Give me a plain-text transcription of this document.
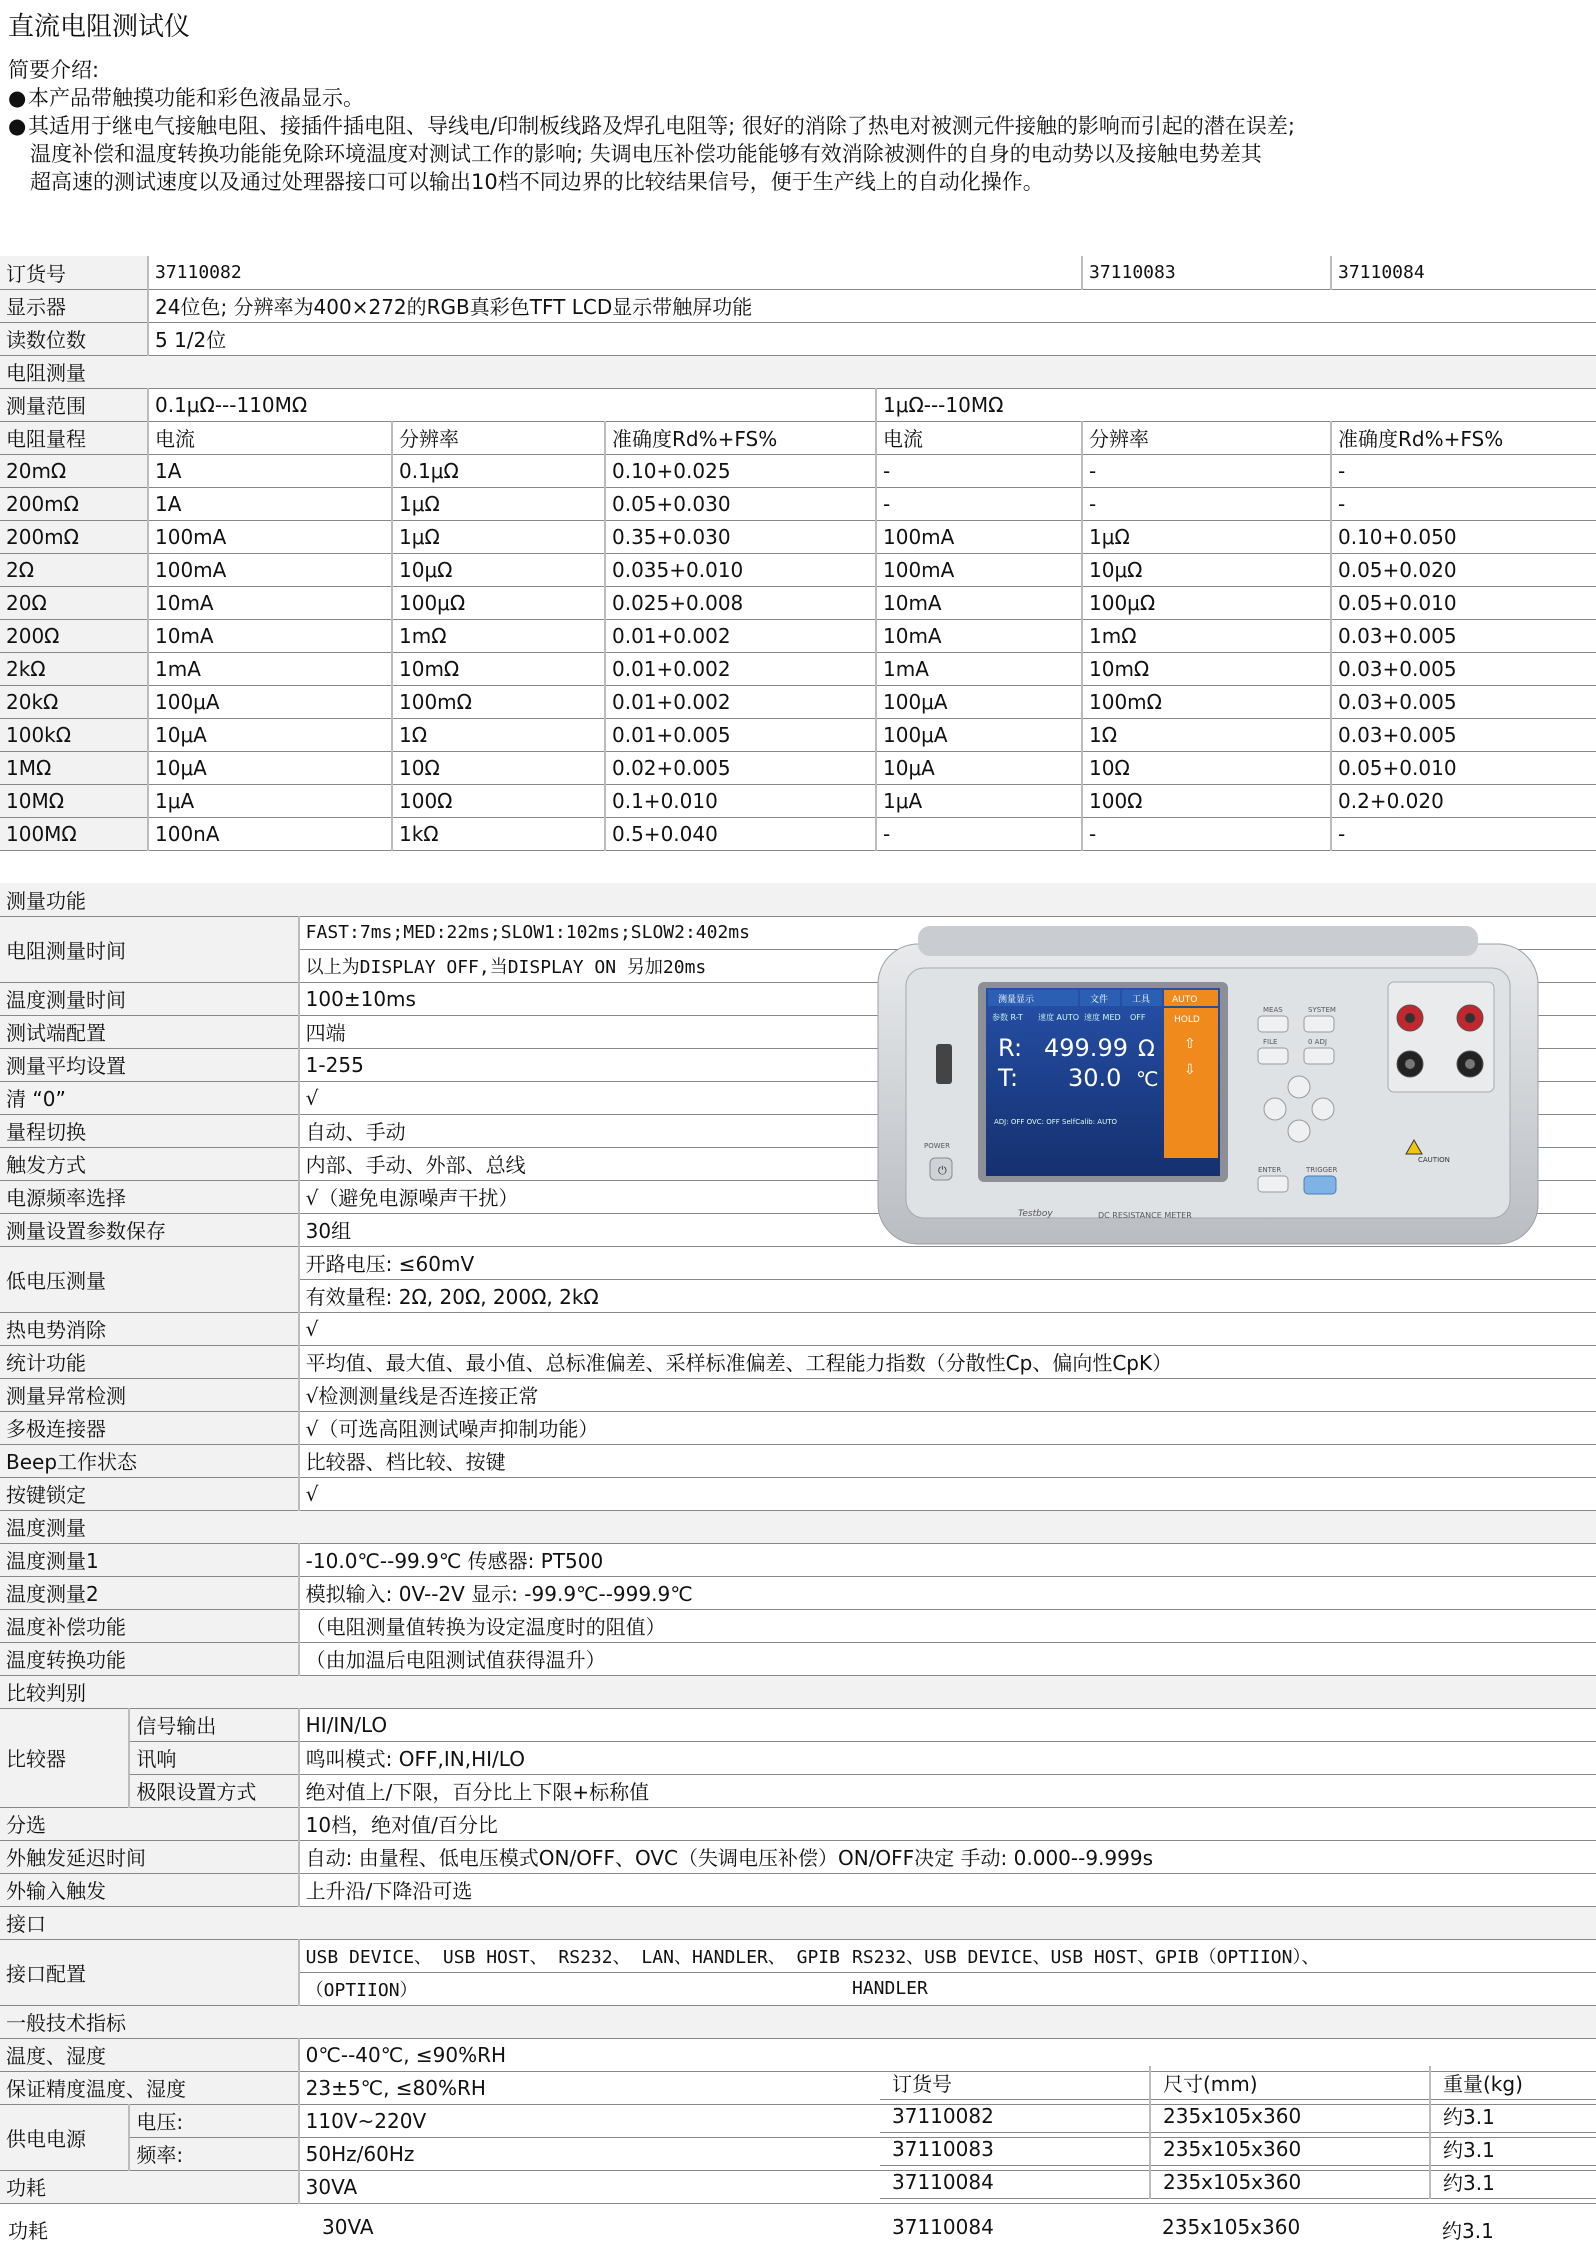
直流电阻测试仪
简要介绍:
●本产品带触摸功能和彩色液晶显示。
●其适用于继电气接触电阻、接插件插电阻、导线电/印制板线路及焊孔电阻等; 很好的消除了热电对被测元件接触的影响而引起的潜在误差;
温度补偿和温度转换功能能免除环境温度对测试工作的影响; 失调电压补偿功能能够有效消除被测件的自身的电动势以及接触电势差其
超高速的测试速度以及通过处理器接口可以输出10档不同边界的比较结果信号，便于生产线上的自动化操作。
订货号	37110082				37110083	37110084
显示器	24位色; 分辨率为400×272的RGB真彩色TFT LCD显示带触屏功能					
读数位数	5 1/2位					
电阻测量						
测量范围	0.1μΩ---110MΩ			1μΩ---10MΩ		
电阻量程	电流	分辨率	准确度Rd%+FS%	电流	分辨率	准确度Rd%+FS%
20mΩ	1A	0.1μΩ	0.10+0.025	-	-	-
200mΩ	1A	1μΩ	0.05+0.030	-	-	-
200mΩ	100mA	1μΩ	0.35+0.030	100mA	1μΩ	0.10+0.050
2Ω	100mA	10μΩ	0.035+0.010	100mA	10μΩ	0.05+0.020
20Ω	10mA	100μΩ	0.025+0.008	10mA	100μΩ	0.05+0.010
200Ω	10mA	1mΩ	0.01+0.002	10mA	1mΩ	0.03+0.005
2kΩ	1mA	10mΩ	0.01+0.002	1mA	10mΩ	0.03+0.005
20kΩ	100μA	100mΩ	0.01+0.002	100μA	100mΩ	0.03+0.005
100kΩ	10μA	1Ω	0.01+0.005	100μA	1Ω	0.03+0.005
1MΩ	10μA	10Ω	0.02+0.005	10μA	10Ω	0.05+0.010
10MΩ	1μA	100Ω	0.1+0.010	1μA	100Ω	0.2+0.020
100MΩ	100nA	1kΩ	0.5+0.040	-	-	-
测量功能			
电阻测量时间		FAST:7ms;MED:22ms;SLOW1:102ms;SLOW2:402ms	
		以上为DISPLAY OFF,当DISPLAY ON 另加20ms	
温度测量时间		100±10ms	
测试端配置		四端	
测量平均设置		1-255	
清 “0”		√	
量程切换		自动、手动	
触发方式		内部、手动、外部、总线	
电源频率选择		√（避免电源噪声干扰）	
测量设置参数保存		30组	
低电压测量		开路电压: ≤60mV	
		有效量程: 2Ω, 20Ω, 200Ω, 2kΩ	
热电势消除		√	
统计功能		平均值、最大值、最小值、总标准偏差、采样标准偏差、工程能力指数（分散性Cp、偏向性CpK）	
测量异常检测		√检测测量线是否连接正常	
多极连接器		√（可选高阻测试噪声抑制功能）	
Beep工作状态		比较器、档比较、按键	
按键锁定		√	
温度测量			
温度测量1		-10.0℃--99.9℃ 传感器: PT500	
温度测量2		模拟输入: 0V--2V 显示: -99.9℃--999.9℃	
温度补偿功能		（电阻测量值转换为设定温度时的阻值）	
温度转换功能		（由加温后电阻测试值获得温升）	
比较判别			
比较器	信号输出	HI/IN/LO	
	讯响	鸣叫模式: OFF,IN,HI/LO	
	极限设置方式	绝对值上/下限，百分比上下限+标称值	
分选		10档，绝对值/百分比	
外触发延迟时间		自动: 由量程、低电压模式ON/OFF、OVC（失调电压补偿）ON/OFF决定 手动: 0.000--9.999s	
外输入触发		上升沿/下降沿可选	
接口			
接口配置		USB DEVICE、 USB HOST、 RS232、 LAN、HANDLER、 GPIB	RS232、USB DEVICE、USB HOST、GPIB（OPTIION）、
		（OPTIION）	HANDLER
一般技术指标			
温度、湿度		0℃--40℃, ≤90%RH	
保证精度温度、湿度		23±5℃, ≤80%RH	
供电电源	电压:	110V~220V	
	频率:	50Hz/60Hz	
功耗		30VA	
测量显示	文件	工具 AUTO
HOLD
⇧
⇩
参数 R-T 速度 AUTO 速度 MED OFF
R: 499.99 Ω
T: 30.0 ℃
ADJ: OFF OVC: OFF SelfCalib: AUTO
DC RESISTANCE METER
Testboy
POWER
⏻
MEAS	SYSTEM
FILE	0 ADJ
ENTER	TRIGGER
CAUTION
订货号	尺寸(mm)	重量(kg)
37110082	235x105x360	约3.1
37110083	235x105x360	约3.1
37110084	235x105x360	约3.1
功耗	30VA	37110084	235x105x360	约3.1
